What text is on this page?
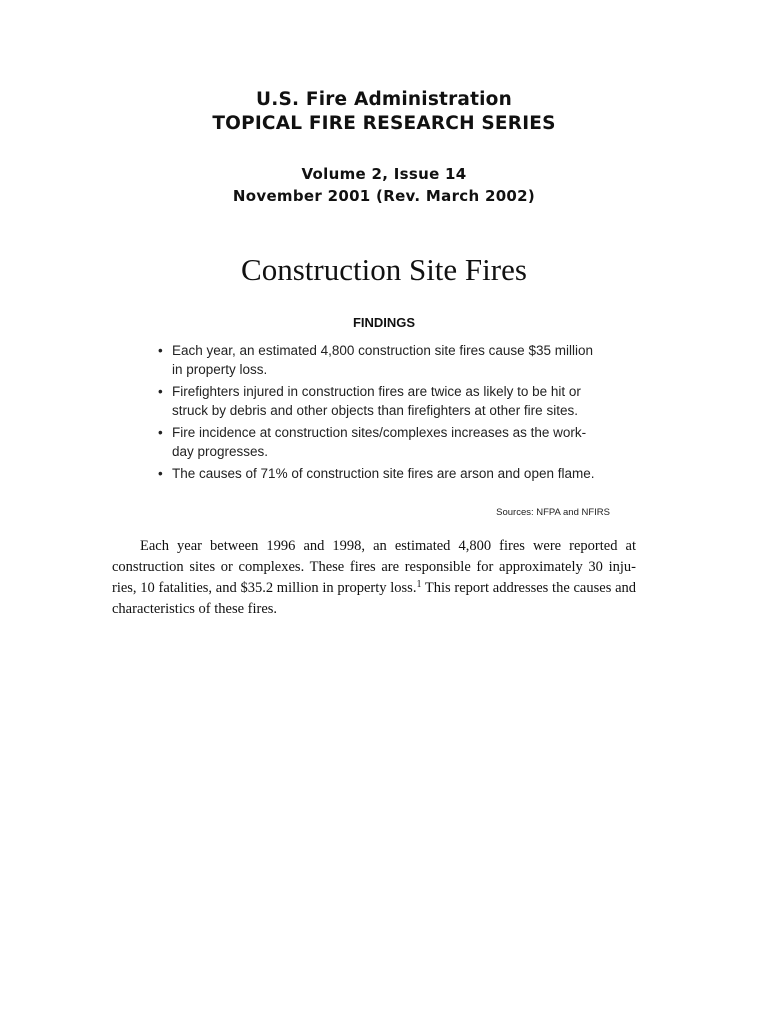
U.S. Fire Administration
TOPICAL FIRE RESEARCH SERIES
Volume 2, Issue 14
November 2001 (Rev. March 2002)
Construction Site Fires
FINDINGS
• Each year, an estimated 4,800 construction site fires cause $35 million
in property loss.
• Firefighters injured in construction fires are twice as likely to be hit or
struck by debris and other objects than firefighters at other fire sites.
• Fire incidence at construction sites/complexes increases as the work-
day progresses.
• The causes of 71% of construction site fires are arson and open flame.
Sources: NFPA and NFIRS

Each year between 1996 and 1998, an estimated 4,800 fires were reported at construction sites or complexes. These fires are responsible for approximately 30 inju- ries, 10 fatalities, and $35.2 million in property loss.$^1$ This report addresses the causes and characteristics of these fires.
